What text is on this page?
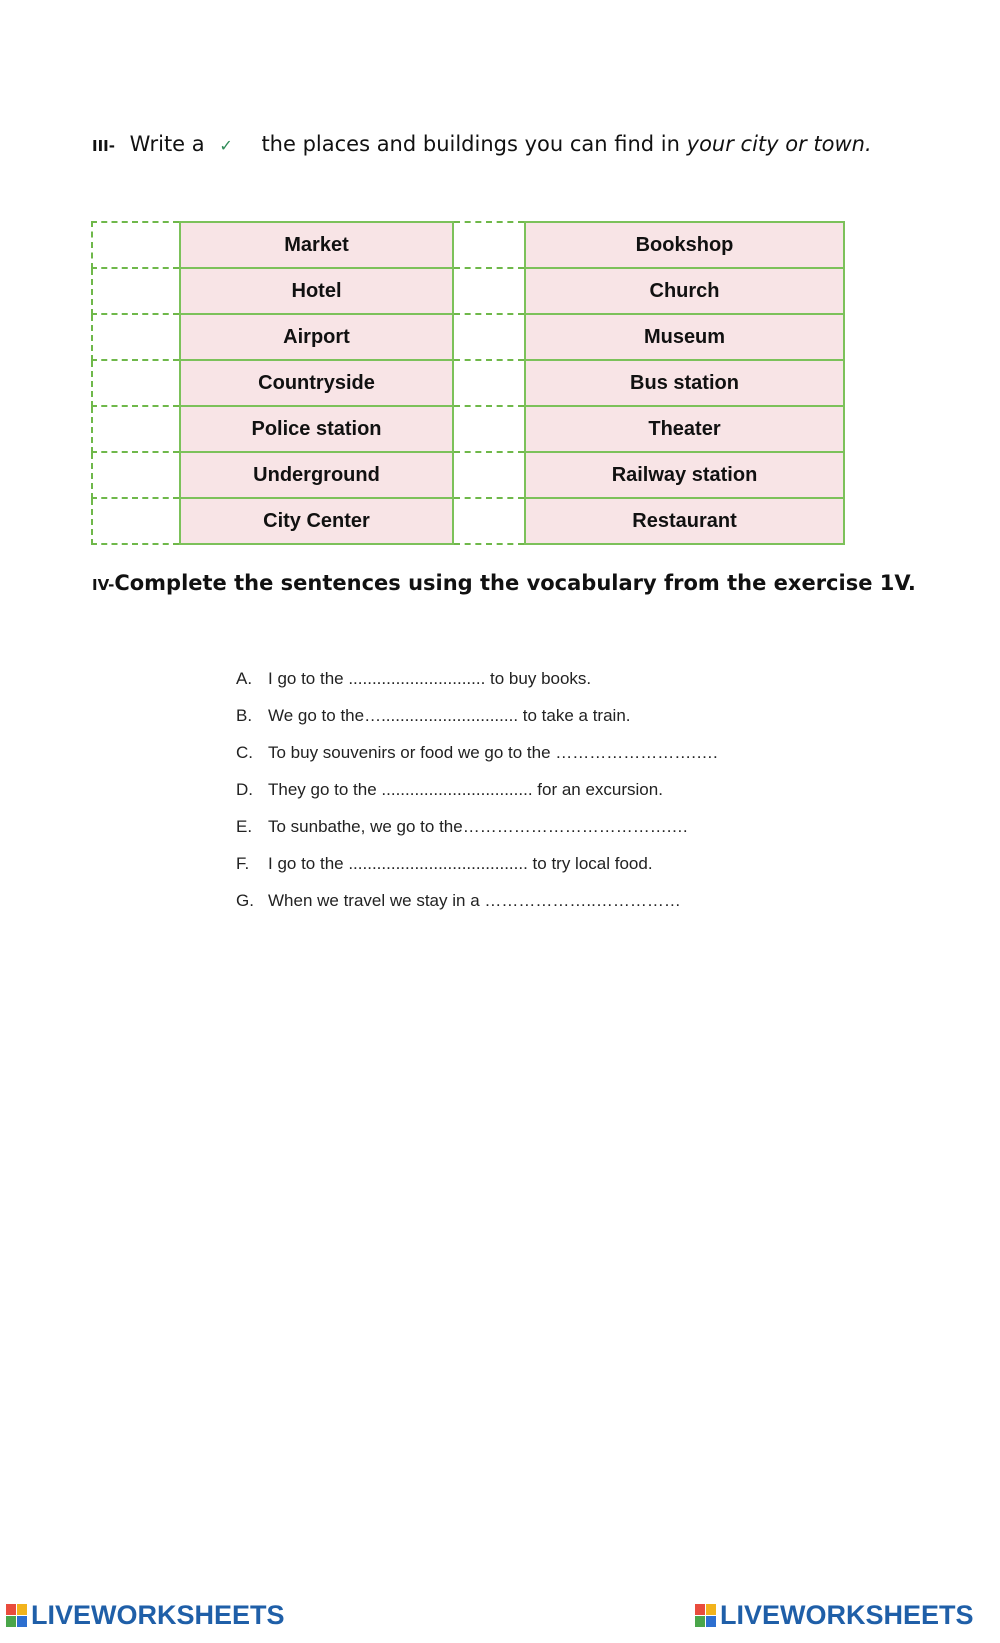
III- Write a ✓ the places and buildings you can find in your city or town.
	Market		Bookshop
	Hotel		Church
	Airport		Museum
	Countryside		Bus station
	Police station		Theater
	Underground		Railway station
	City Center		Restaurant
IV-Complete the sentences using the vocabulary from the exercise 1V.
A. I go to the ............................. to buy books.
B. We go to the…............................. to take a train.
C. To buy souvenirs or food we go to the …………………….….
D. They go to the ................................ for an excursion.
E. To sunbathe, we go to the……………………………….…
F. I go to the ...................................... to try local food.
G. When we travel we stay in a ………………..……………
LIVEWORKSHEETS	LIVEWORKSHEETS
